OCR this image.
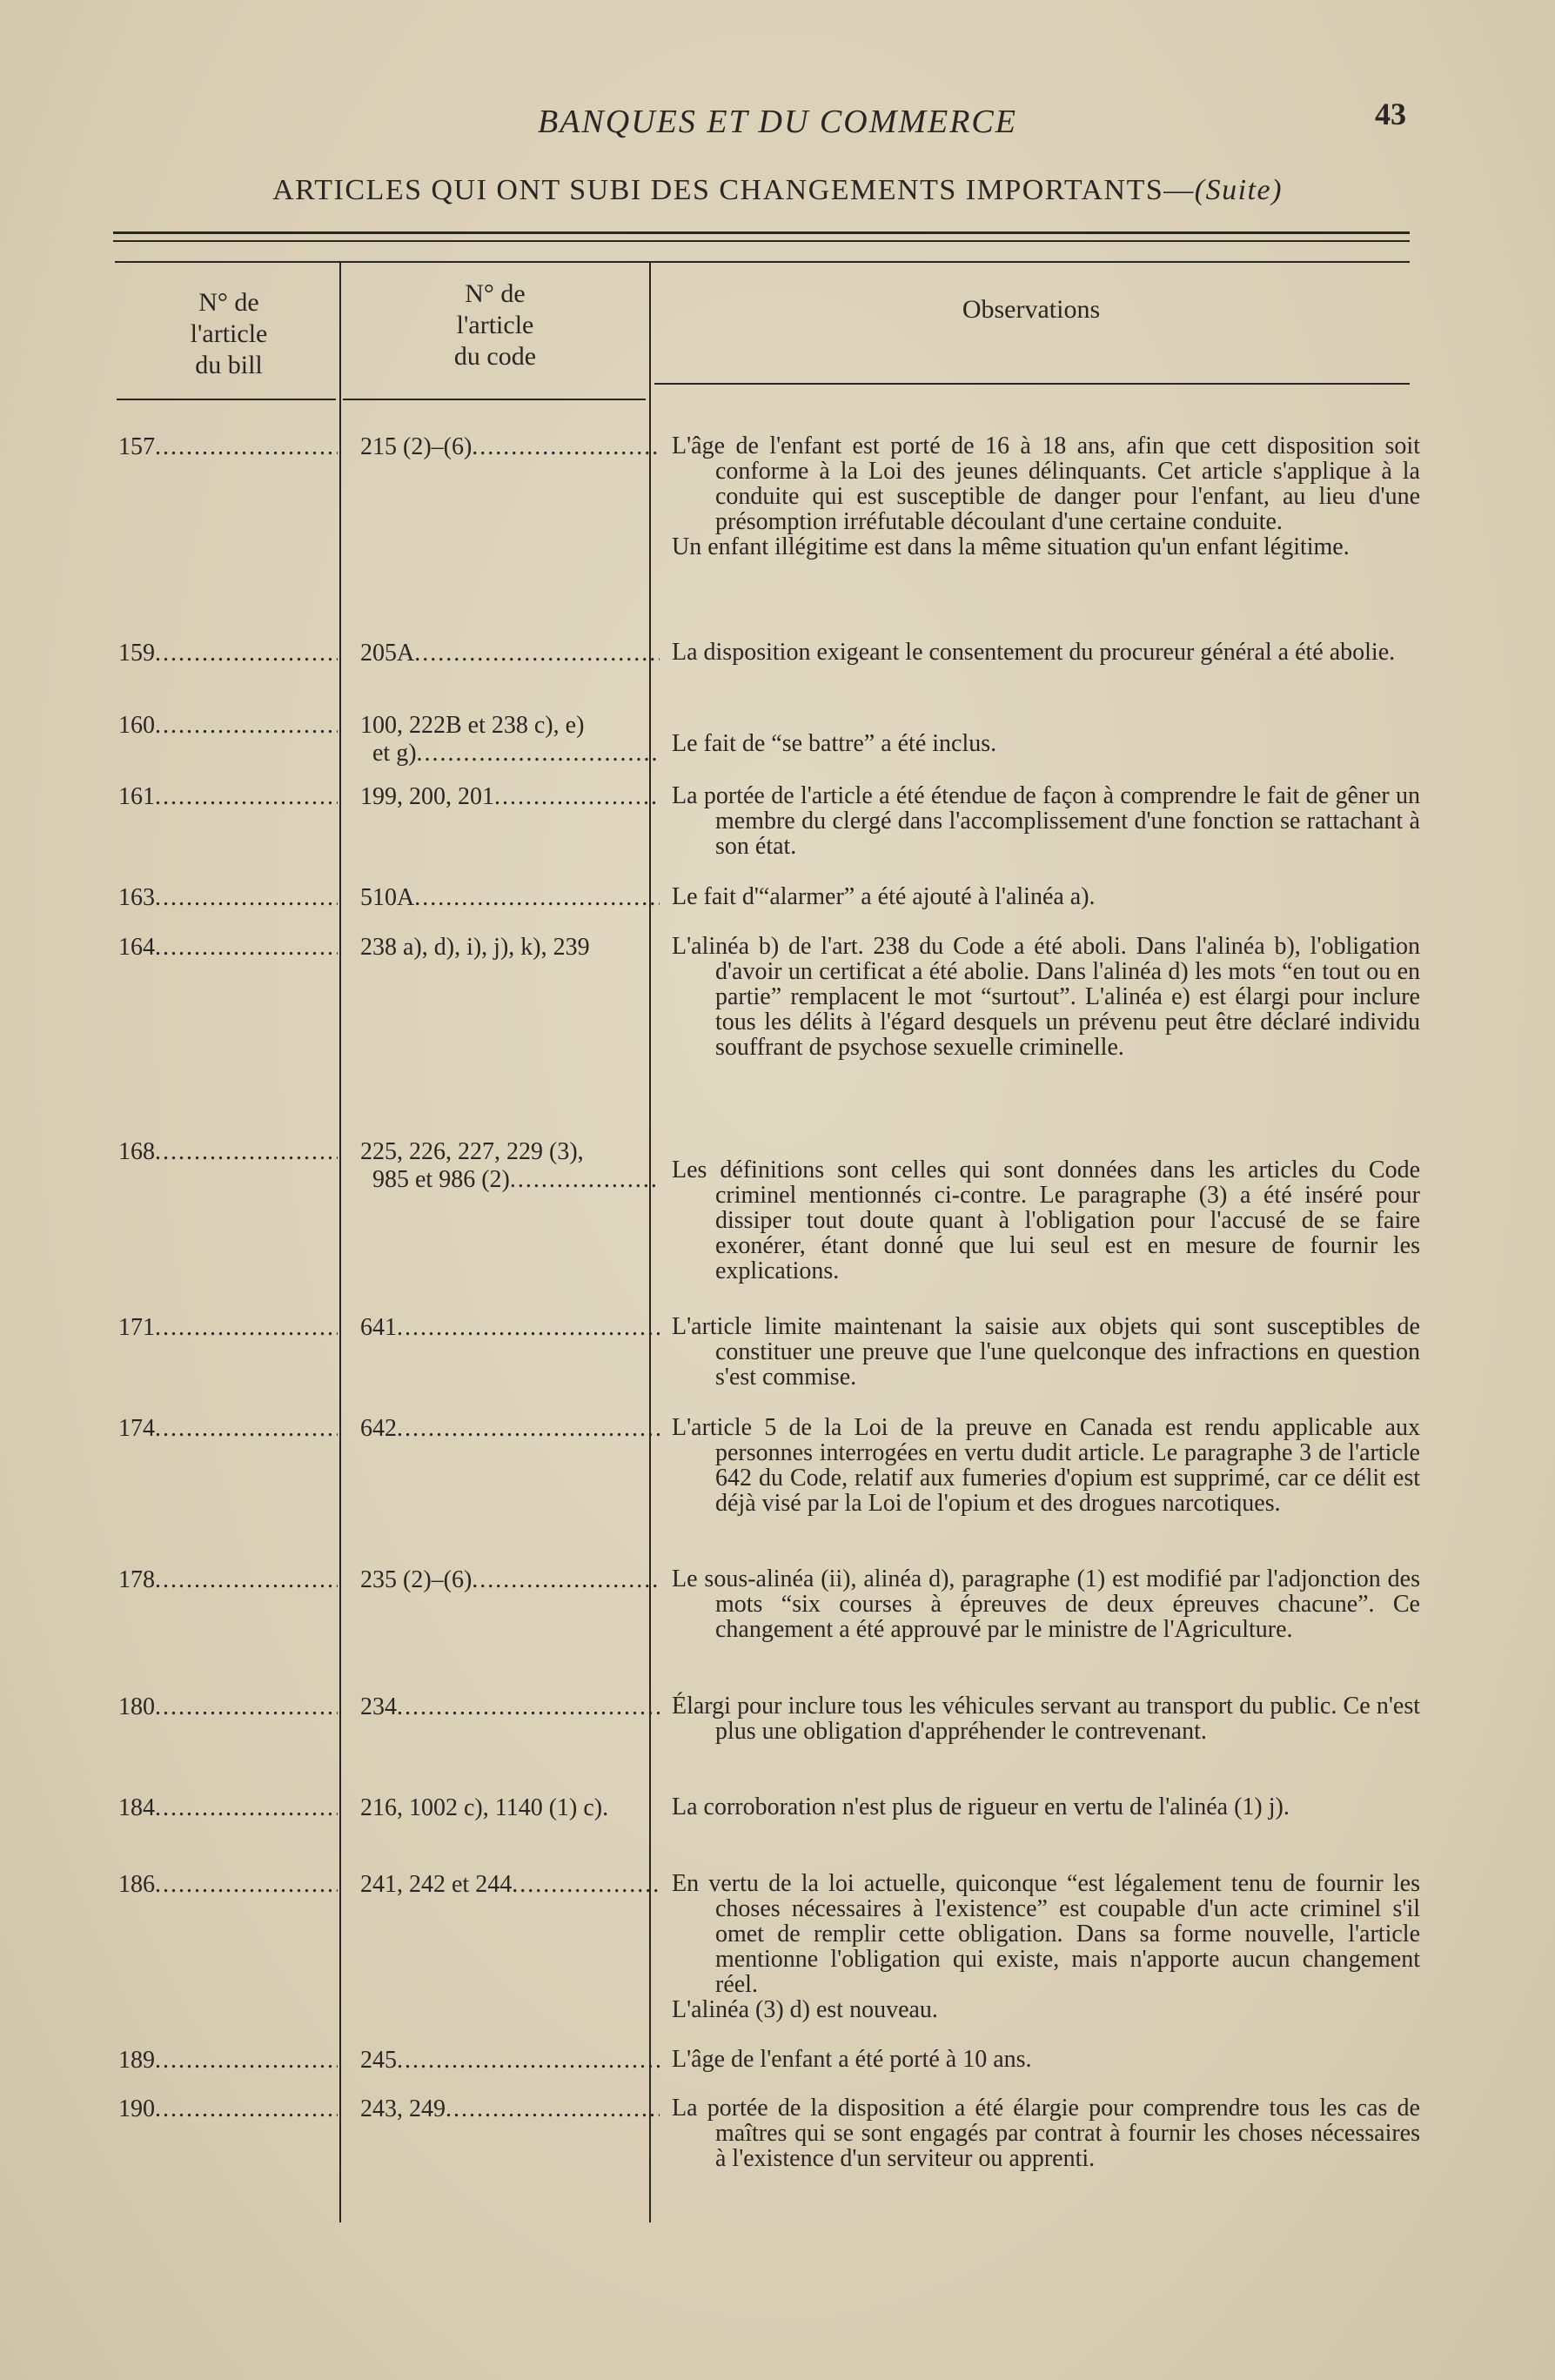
BANQUES ET DU COMMERCE	43
ARTICLES QUI ONT SUBI DES CHANGEMENTS IMPORTANTS—(Suite)
N° de
l'article
du bill
N° de
l'article
du code
Observations
157 .....	215 (2)–(6) .....	L'âge de l'enfant est porté de 16 à 18 ans, afin que cett disposition soit conforme à la Loi des jeunes délinquants. Cet article s'applique à la conduite qui est susceptible de danger pour l'enfant, au lieu d'une présomption irréfutable découlant d'une certaine conduite.

Un enfant illégitime est dans la même situation qu'un enfant légitime.

159 .....	205A .....	La disposition exigeant le consentement du procureur général a été abolie.

160 .....	100, 222B et 238 c), e)
et g) .....	Le fait de “se battre” a été inclus.

161 .....	199, 200, 201 .....	La portée de l'article a été étendue de façon à comprendre le fait de gêner un membre du clergé dans l'accomplissement d'une fonction se rattachant à son état.

163 .....	510A .....	Le fait d'“alarmer” a été ajouté à l'alinéa a).

164 .....	238 a), d), i), j), k), 239	L'alinéa b) de l'art. 238 du Code a été aboli. Dans l'alinéa b), l'obligation d'avoir un certificat a été abolie. Dans l'alinéa d) les mots “en tout ou en partie” remplacent le mot “surtout”. L'alinéa e) est élargi pour inclure tous les délits à l'égard desquels un prévenu peut être déclaré individu souffrant de psychose sexuelle criminelle.

168 .....	225, 226, 227, 229 (3),
985 et 986 (2) .....	Les définitions sont celles qui sont données dans les articles du Code criminel mentionnés ci-contre. Le paragraphe (3) a été inséré pour dissiper tout doute quant à l'obligation pour l'accusé de se faire exonérer, étant donné que lui seul est en mesure de fournir les explications.

171 .....	641 .....	L'article limite maintenant la saisie aux objets qui sont susceptibles de constituer une preuve que l'une quelconque des infractions en question s'est commise.

174 .....	642 .....	L'article 5 de la Loi de la preuve en Canada est rendu applicable aux personnes interrogées en vertu dudit article. Le paragraphe 3 de l'article 642 du Code, relatif aux fumeries d'opium est supprimé, car ce délit est déjà visé par la Loi de l'opium et des drogues narcotiques.

178 .....	235 (2)–(6) .....	Le sous-alinéa (ii), alinéa d), paragraphe (1) est modifié par l'adjonction des mots “six courses à épreuves de deux épreuves chacune”. Ce changement a été approuvé par le ministre de l'Agriculture.

180 .....	234 .....	Élargi pour inclure tous les véhicules servant au transport du public. Ce n'est plus une obligation d'appréhender le contrevenant.

184 .....	216, 1002 c), 1140 (1) c).	La corroboration n'est plus de rigueur en vertu de l'alinéa (1) j).

186 .....	241, 242 et 244 .....	En vertu de la loi actuelle, quiconque “est légalement tenu de fournir les choses nécessaires à l'existence” est coupable d'un acte criminel s'il omet de remplir cette obligation. Dans sa forme nouvelle, l'article mentionne l'obligation qui existe, mais n'apporte aucun changement réel.

L'alinéa (3) d) est nouveau.

189 .....	245 .....	L'âge de l'enfant a été porté à 10 ans.

190 .....	243, 249 .....	La portée de la disposition a été élargie pour comprendre tous les cas de maîtres qui se sont engagés par contrat à fournir les choses nécessaires à l'existence d'un serviteur ou apprenti.
